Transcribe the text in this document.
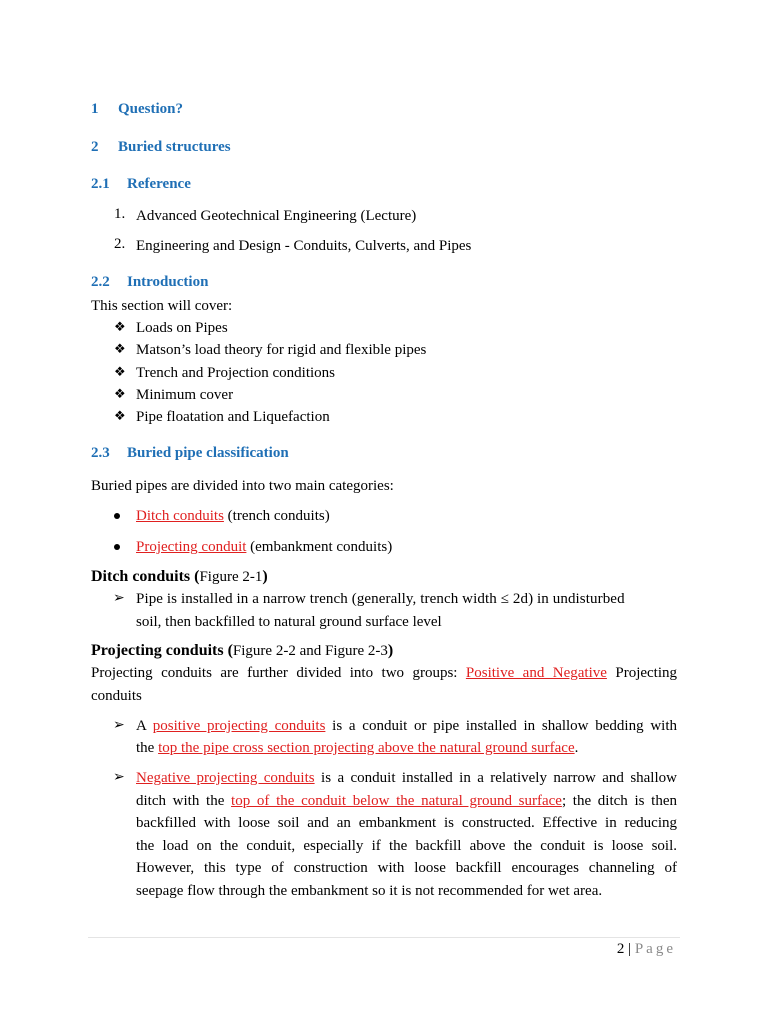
1 Question?
2 Buried structures
2.1 Reference
1. Advanced Geotechnical Engineering (Lecture)
2. Engineering and Design - Conduits, Culverts, and Pipes
2.2 Introduction
This section will cover:
❖ Loads on Pipes
❖ Matson’s load theory for rigid and flexible pipes
❖ Trench and Projection conditions
❖ Minimum cover
❖ Pipe floatation and Liquefaction
2.3 Buried pipe classification
Buried pipes are divided into two main categories:
Ditch conduits (trench conduits)
Projecting conduit (embankment conduits)
Ditch conduits (Figure 2-1)
➢ Pipe is installed in a narrow trench (generally, trench width ≤ 2d) in undisturbed
soil, then backfilled to natural ground surface level
Projecting conduits (Figure 2-2 and Figure 2-3)
Projecting conduits are further divided into two groups: Positive and Negative Projecting
conduits
➢ A positive projecting conduits is a conduit or pipe installed in shallow bedding with
the top the pipe cross section projecting above the natural ground surface.
➢ Negative projecting conduits is a conduit installed in a relatively narrow and shallow
ditch with the top of the conduit below the natural ground surface; the ditch is then
backfilled with loose soil and an embankment is constructed. Effective in reducing
the load on the conduit, especially if the backfill above the conduit is loose soil.
However, this type of construction with loose backfill encourages channeling of
seepage flow through the embankment so it is not recommended for wet area.
2 | Page
